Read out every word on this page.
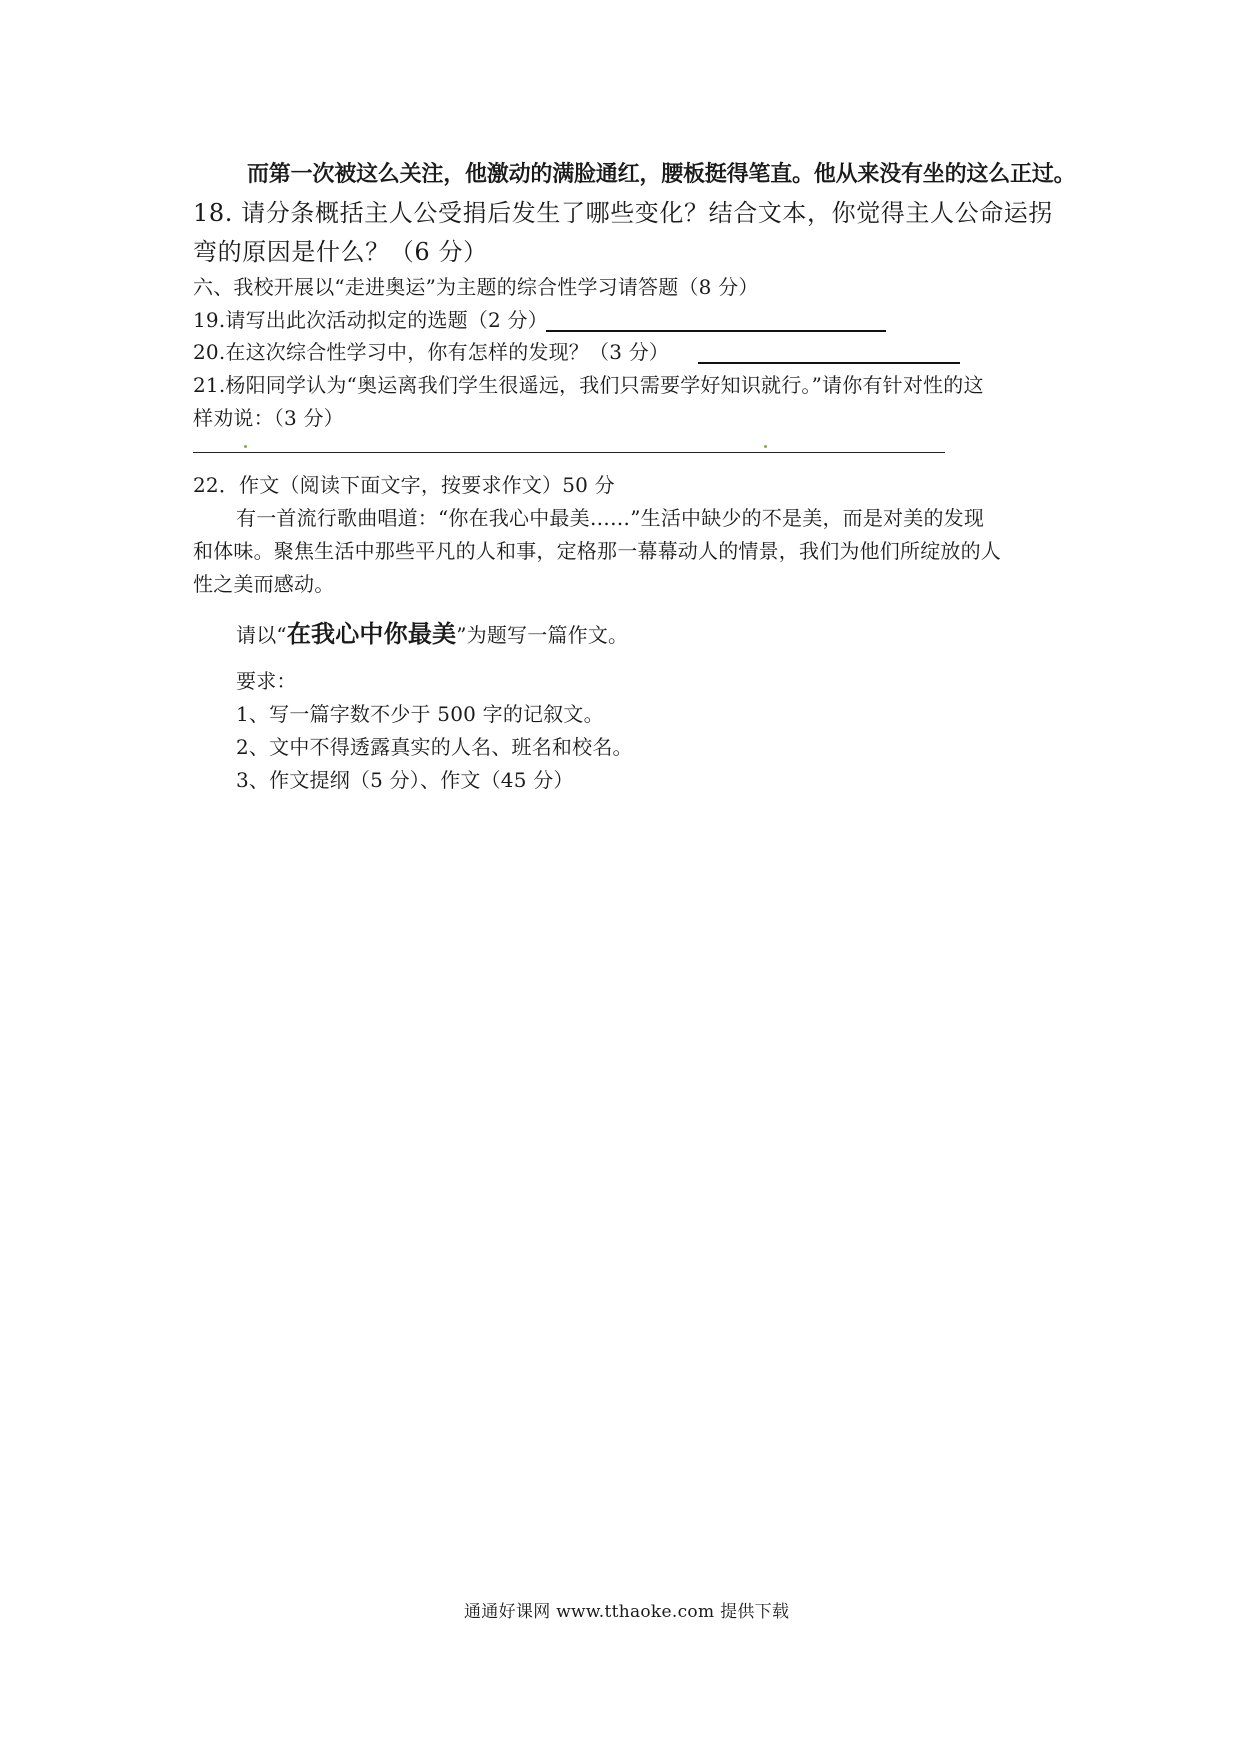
而第一次被这么关注，他激动的满脸通红，腰板挺得笔直。他从来没有坐的这么正过。
18. 请分条概括主人公受捐后发生了哪些变化？结合文本，你觉得主人公命运拐
弯的原因是什么？（6 分）
六、我校开展以“走进奥运”为主题的综合性学习请答题（8 分）
19.请写出此次活动拟定的选题（2 分）
20.在这次综合性学习中，你有怎样的发现？（3 分）
21.杨阳同学认为“奥运离我们学生很遥远，我们只需要学好知识就行。”请你有针对性的这
样劝说：（3 分）
22．作文（阅读下面文字，按要求作文）50 分
有一首流行歌曲唱道：“你在我心中最美……”生活中缺少的不是美，而是对美的发现
和体味。聚焦生活中那些平凡的人和事，定格那一幕幕动人的情景，我们为他们所绽放的人
性之美而感动。
请以“在我心中你最美”为题写一篇作文。
要求：
1、写一篇字数不少于 500 字的记叙文。
2、文中不得透露真实的人名、班名和校名。
3、作文提纲（5 分）、作文（45 分）
通通好课网 www.tthaoke.com 提供下载
